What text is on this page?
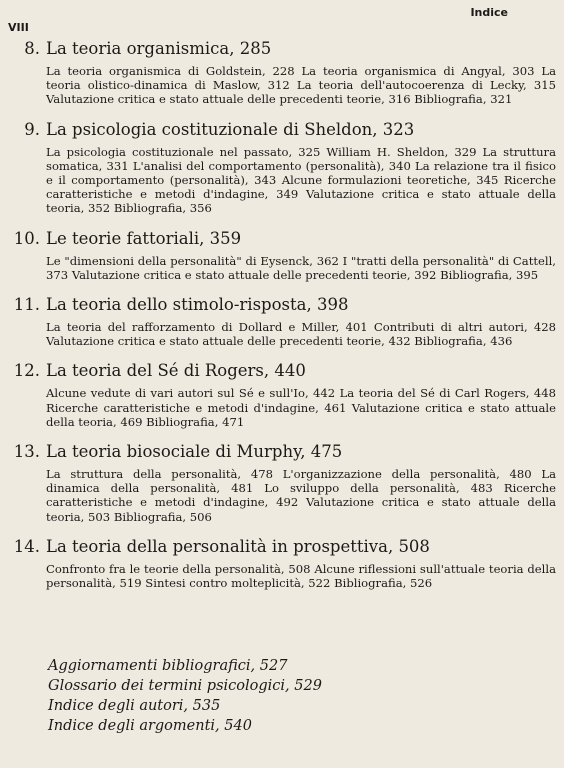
VIII
Indice
8. La teoria organismica, 285
La teoria organismica di Goldstein, 228 La teoria organismica di Angyal, 303 La teoria olistico-dinamica di Maslow, 312 La teoria dell'autocoerenza di Lecky, 315 Valutazione critica e stato attuale delle precedenti teorie, 316 Bibliografia, 321
9. La psicologia costituzionale di Sheldon, 323
La psicologia costituzionale nel passato, 325 William H. Sheldon, 329 La struttura somatica, 331 L'analisi del comportamento (personalità), 340 La relazione tra il fisico e il comportamento (personalità), 343 Alcune formulazioni teoretiche, 345 Ricerche caratteristiche e metodi d'indagine, 349 Valutazione critica e stato attuale della teoria, 352 Bibliografia, 356
10. Le teorie fattoriali, 359
Le "dimensioni della personalità" di Eysenck, 362 I "tratti della personalità" di Cattell, 373 Valutazione critica e stato attuale delle precedenti teorie, 392 Bibliografia, 395
11. La teoria dello stimolo-risposta, 398
La teoria del rafforzamento di Dollard e Miller, 401 Contributi di altri autori, 428 Valutazione critica e stato attuale delle precedenti teorie, 432 Bibliografia, 436
12. La teoria del Sé di Rogers, 440
Alcune vedute di vari autori sul Sé e sull'Io, 442 La teoria del Sé di Carl Rogers, 448 Ricerche caratteristiche e metodi d'indagine, 461 Valutazione critica e stato attuale della teoria, 469 Bibliografia, 471
13. La teoria biosociale di Murphy, 475
La struttura della personalità, 478 L'organizzazione della personalità, 480 La dinamica della personalità, 481 Lo sviluppo della personalità, 483 Ricerche caratteristiche e metodi d'indagine, 492 Valutazione critica e stato attuale della teoria, 503 Bibliografia, 506
14. La teoria della personalità in prospettiva, 508
Confronto fra le teorie della personalità, 508 Alcune riflessioni sull'attuale teoria della personalità, 519 Sintesi contro molteplicità, 522 Bibliografia, 526
Aggiornamenti bibliografici, 527
Glossario dei termini psicologici, 529
Indice degli autori, 535
Indice degli argomenti, 540
